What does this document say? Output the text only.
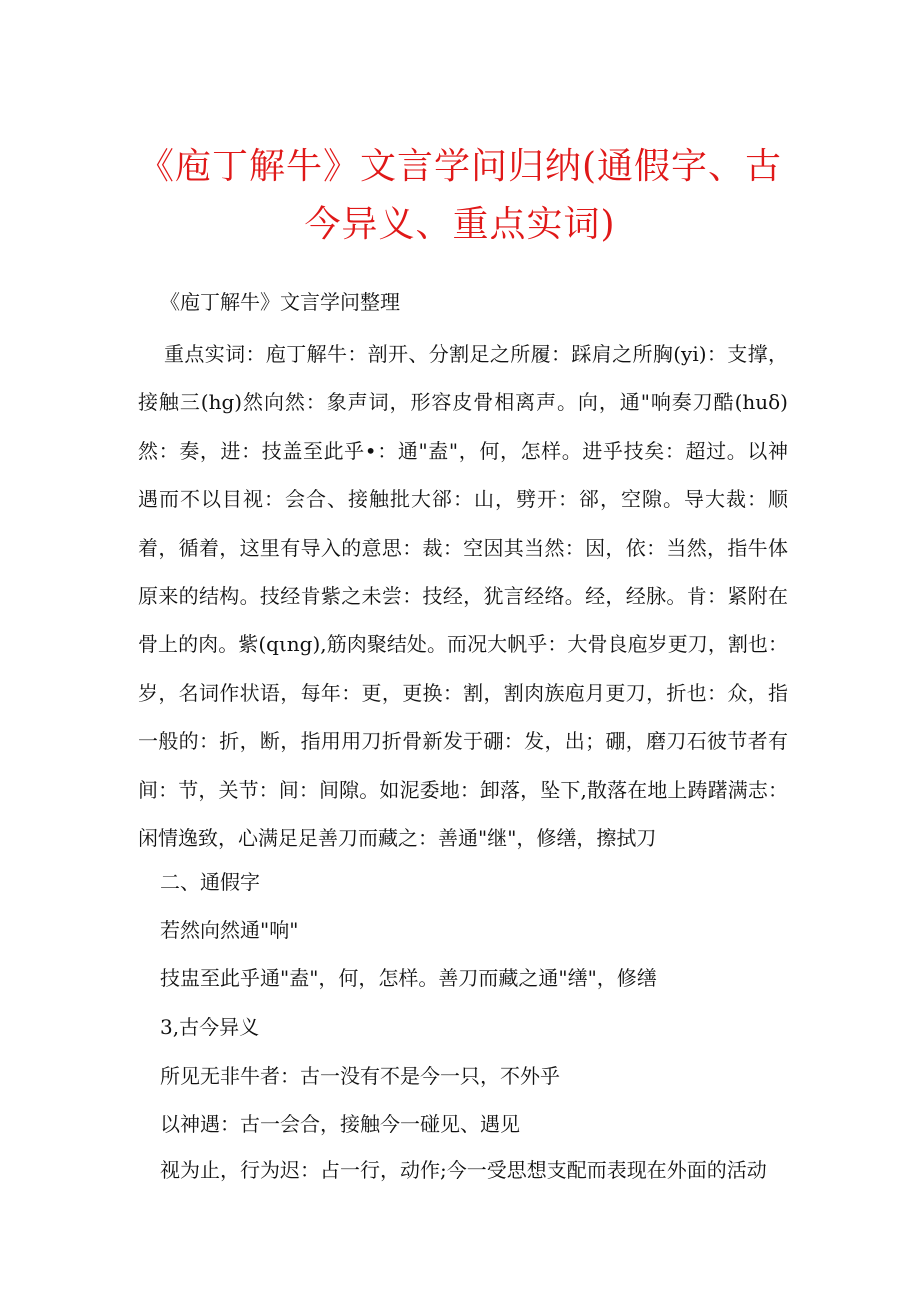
《庖丁解牛》文言学问归纳(通假字、古今异义、重点实词)
《庖丁解牛》文言学问整理
重点实词：庖丁解牛：剖开、分割足之所履：踩肩之所胸(yi)：支撑，接触三(hg)然向然：象声词，形容皮骨相离声。向，通"响奏刀酷(huδ)然：奏，进：技盖至此乎•：通"盍"，何，怎样。进乎技矣：超过。以神遇而不以目视：会合、接触批大郤：山，劈开：郤，空隙。导大裁：顺着，循着，这里有导入的意思：裁：空因其当然：因，依：当然，指牛体原来的结构。技经肯紫之未尝：技经，犹言经络。经，经脉。肯：紧附在骨上的肉。紫(qιng),筋肉聚结处。而况大帆乎：大骨良庖岁更刀，割也：岁，名词作状语，每年：更，更换：割，割肉族庖月更刀，折也：众，指一般的：折，断，指用用刀折骨新发于硼：发，出；硼，磨刀石彼节者有间：节，关节：间：间隙。如泥委地：卸落，坠下,散落在地上踌躇满志：闲情逸致，心满足足善刀而藏之：善通"继"，修缮，擦拭刀
二、通假字
若然向然通"响"
技盅至此乎通"盍"，何，怎样。善刀而藏之通"缮"，修缮
3,古今异义
所见无非牛者：古一没有不是今一只，不外乎
以神遇：古一会合，接触今一碰见、遇见
视为止，行为迟：占一行，动作;今一受思想支配而表现在外面的活动
